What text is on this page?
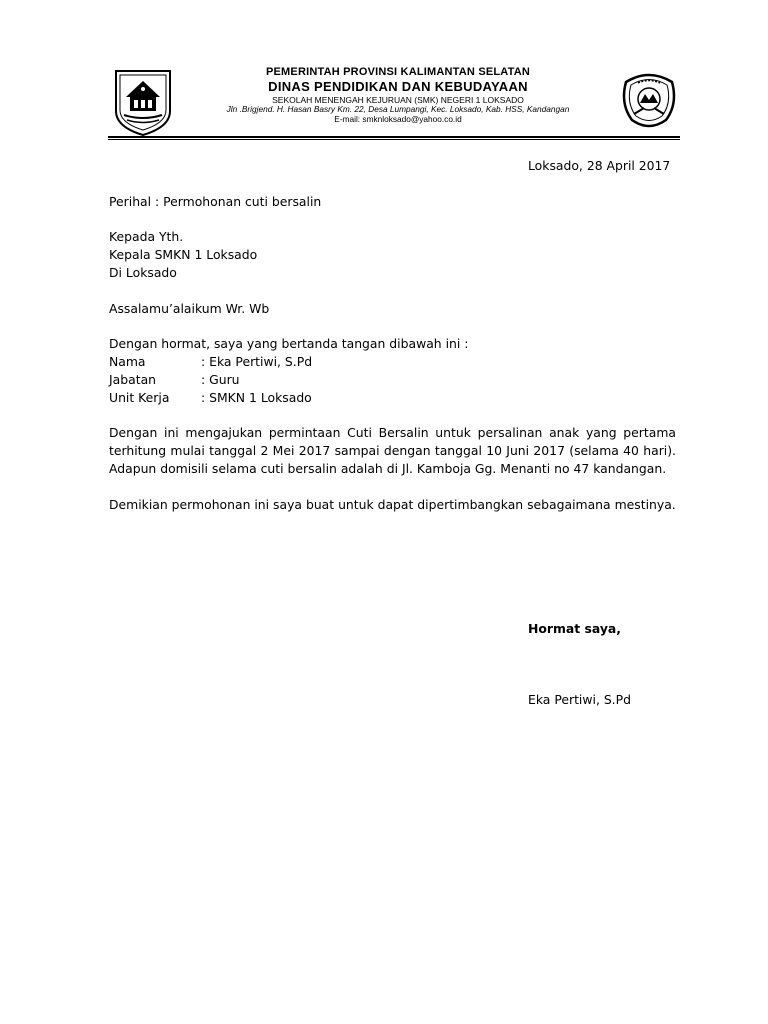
PEMERINTAH PROVINSI KALIMANTAN SELATAN
DINAS PENDIDIKAN DAN KEBUDAYAAN
SEKOLAH MENENGAH KEJURUAN (SMK) NEGERI 1 LOKSADO
Jln .Brigjend. H. Hasan Basry Km. 22, Desa Lumpangi, Kec. Loksado, Kab. HSS, Kandangan
E-mail: smknloksado@yahoo.co.id
Loksado, 28 April 2017
Perihal : Permohonan cuti bersalin
Kepada Yth.
Kepala SMKN 1 Loksado
Di Loksado
Assalamu’alaikum Wr. Wb
Dengan hormat, saya yang bertanda tangan dibawah ini :
Nama	: Eka Pertiwi, S.Pd
Jabatan	: Guru
Unit Kerja	: SMKN 1 Loksado
Dengan ini mengajukan permintaan Cuti Bersalin untuk persalinan anak yang pertama terhitung mulai tanggal 2 Mei 2017 sampai dengan tanggal 10 Juni 2017 (selama 40 hari). Adapun domisili selama cuti bersalin adalah di Jl. Kamboja Gg. Menanti no 47 kandangan.
Demikian permohonan ini saya buat untuk dapat dipertimbangkan sebagaimana mestinya.
Hormat saya,
Eka Pertiwi, S.Pd
